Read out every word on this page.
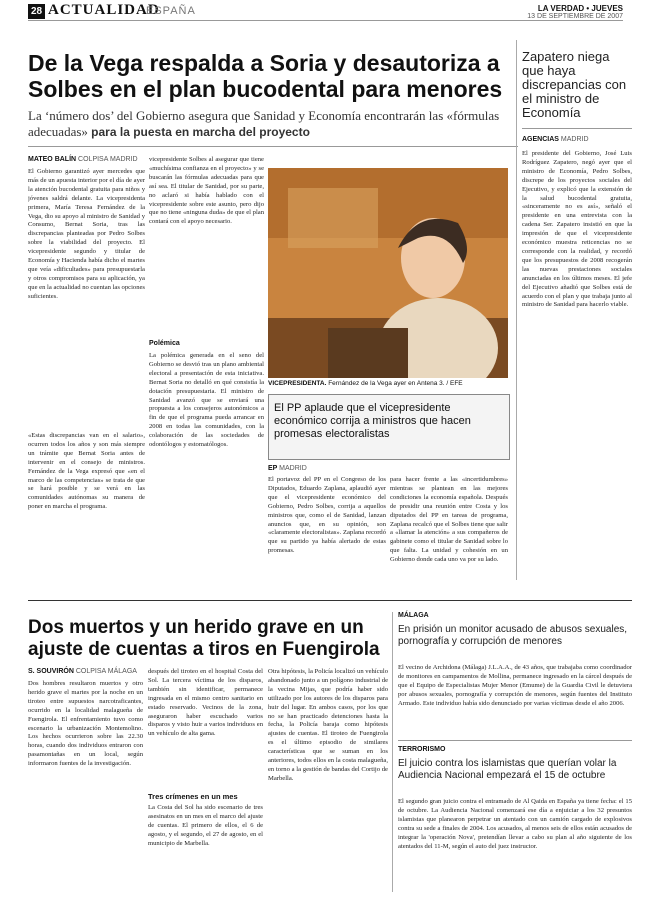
28 ACTUALIDAD
ESPAÑA	LA VERDAD • JUEVES
13 DE SEPTIEMBRE DE 2007
De la Vega respalda a Soria y desautoriza a Solbes en el plan bucodental para menores
La ‘número dos’ del Gobierno asegura que Sanidad y Economía encontrarán las «fórmulas adecuadas» para la puesta en marcha del proyecto
MATEO BALÍN COLPISA MADRID
El Gobierno garantizó ayer mercedes que más de un apuesta interior por el día de ayer la atención bucodental gratuita para niños y jóvenes saldrá delante. La vicepresidenta primera, María Teresa Fernández de la Vega, dio su apoyo al ministro de Sanidad y Consumo, Bernat Soria, tras las discrepancias planteadas por Pedro Solbes sobre la viabilidad del proyecto. El vicepresidente segundo y titular de Economía y Hacienda había dicho el martes que veía «dificultades» para presupuestarla y otros compromisos para su aplicación, ya que en la actualidad no cuentan las opciones suficientes.
«Estas discrepancias van en el salario», ocurren todos los años y son más siempre un trámite que Bernat Soria antes de intervenir en el consejo de ministros. Fernández de la Vega expresó que «en el marco de las competencias» se trata de que se hará posible y se verá en las comunidades autónomas su manera de poner en marcha el programa.
vicepresidente Solbes al asegurar que tiene «muchísima confianza en el proyecto» y se buscarán las fórmulas adecuadas para que así sea. El titular de Sanidad, por su parte, no aclaró si había hablado con el vicepresidente sobre este asunto, pero dijo que no tiene «ninguna duda» de que el plan contará con el apoyo necesario.
Polémica
La polémica generada en el seno del Gobierno se desvió tras un plano ambiental electoral a presentación de esta iniciativa. Bernat Soria no detalló en qué consistía la dotación presupuestaria. El ministro de Sanidad avanzó que se enviará una propuesta a los consejeros autonómicos a fin de que el programa pueda arrancar en 2008 en todas las comunidades, con la colaboración de las sociedades de odontólogos y estomatólogos.
VICEPRESIDENTA. Fernández de la Vega ayer en Antena 3. / EFE
El PP aplaude que el vicepresidente económico corrija a ministros que hacen promesas electoralistas
EP MADRID
El portavoz del PP en el Congreso de los Diputados, Eduardo Zaplana, aplaudió ayer que el vicepresidente económico del Gobierno, Pedro Solbes, corrija a aquellos ministros que, como el de Sanidad, lanzan anuncios que, en su opinión, son «claramente electoralistas». Zaplana recordó que su partido ya había alertado de estas promesas.
para hacer frente a las «incertidumbres» mientras se plantean en las mejores condiciones la economía española. Después de presidir una reunión entre Costa y los diputados del PP en tareas de programa, Zaplana recalcó que el Solbes tiene que salir a «llamar la atención» a sus compañeros de gabinete como el titular de Sanidad sobre lo que falta. La unidad y cohesión en un Gobierno donde cada uno va por su lado.
Zapatero niega que haya discrepancias con el ministro de Economía
AGENCIAS MADRID
El presidente del Gobierno, José Luis Rodríguez Zapatero, negó ayer que el ministro de Economía, Pedro Solbes, discrepe de los proyectos sociales del Ejecutivo, y explicó que la extensión de la salud bucodental gratuita, «sinceramente no es así», señaló el presidente en una entrevista con la cadena Ser. Zapatero insistió en que la impresión de que el vicepresidente económico muestra reticencias no se corresponde con la realidad, y recordó que los presupuestos de 2008 recogerán las nuevas prestaciones sociales anunciadas en los últimos meses. El jefe del Ejecutivo añadió que Solbes está de acuerdo con el plan y que trabaja junto al ministro de Sanidad para hacerlo viable.
Dos muertos y un herido grave en un ajuste de cuentas a tiros en Fuengirola
S. SOUVIRÓN COLPISA MÁLAGA
Dos hombres resultaron muertos y otro herido grave el martes por la noche en un tiroteo entre supuestos narcotraficantes, ocurrido en la localidad malagueña de Fuengirola. El enfrentamiento tuvo como escenario la urbanización Montemolino. Los hechos ocurrieron sobre las 22.30 horas, cuando dos individuos entraron con pasamontañas en un local, según informaron fuentes de la investigación.
después del tiroteo en el hospital Costa del Sol. La tercera víctima de los disparos, también sin identificar, permanece ingresada en el mismo centro sanitario en estado reservado. Vecinos de la zona, aseguraron haber escuchado varios disparos y visto huir a varios individuos en un vehículo de alta gama.
Tres crímenes en un mes
La Costa del Sol ha sido escenario de tres asesinatos en un mes en el marco del ajuste de cuentas. El primero de ellos, el 6 de agosto, y el segundo, el 27 de agosto, en el municipio de Marbella.
Otra hipótesis, la Policía localizó un vehículo abandonado junto a un polígono industrial de la vecina Mijas, que podría haber sido utilizado por los autores de los disparos para huir del lugar. En ambos casos, por los que no se han practicado detenciones hasta la fecha, la Policía baraja como hipótesis ajustes de cuentas. El tiroteo de Fuengirola es el último episodio de similares características que se suman en los anteriores, todos ellos en la costa malagueña, en torno a la gestión de bandas del Cortijo de Marbella.
MÁLAGA
En prisión un monitor acusado de abusos sexuales, pornografía y corrupción de menores
El vecino de Archidona (Málaga) J.L.A.A., de 43 años, que trabajaba como coordinador de monitores en campamentos de Mollina, permanece ingresado en la cárcel después de que el Equipo de Especialistas Mujer Menor (Emume) de la Guardia Civil le detuviera por abusos sexuales, pornografía y corrupción de menores, según fuentes del Instituto Armado. Este individuo había sido denunciado por varias víctimas desde el año 2006.
TERRORISMO
El juicio contra los islamistas que querían volar la Audiencia Nacional empezará el 15 de octubre
El segundo gran juicio contra el entramado de Al Qaida en España ya tiene fecha: el 15 de octubre. La Audiencia Nacional comenzará ese día a enjuiciar a los 32 presuntos islamistas que planearon perpetrar un atentado con un camión cargado de explosivos contra su sede a finales de 2004. Los acusados, al menos seis de ellos están acusados de integrar la 'operación Nova', pretendían llevar a cabo su plan al año siguiente de los atentados del 11-M, según el auto del juez instructor.
